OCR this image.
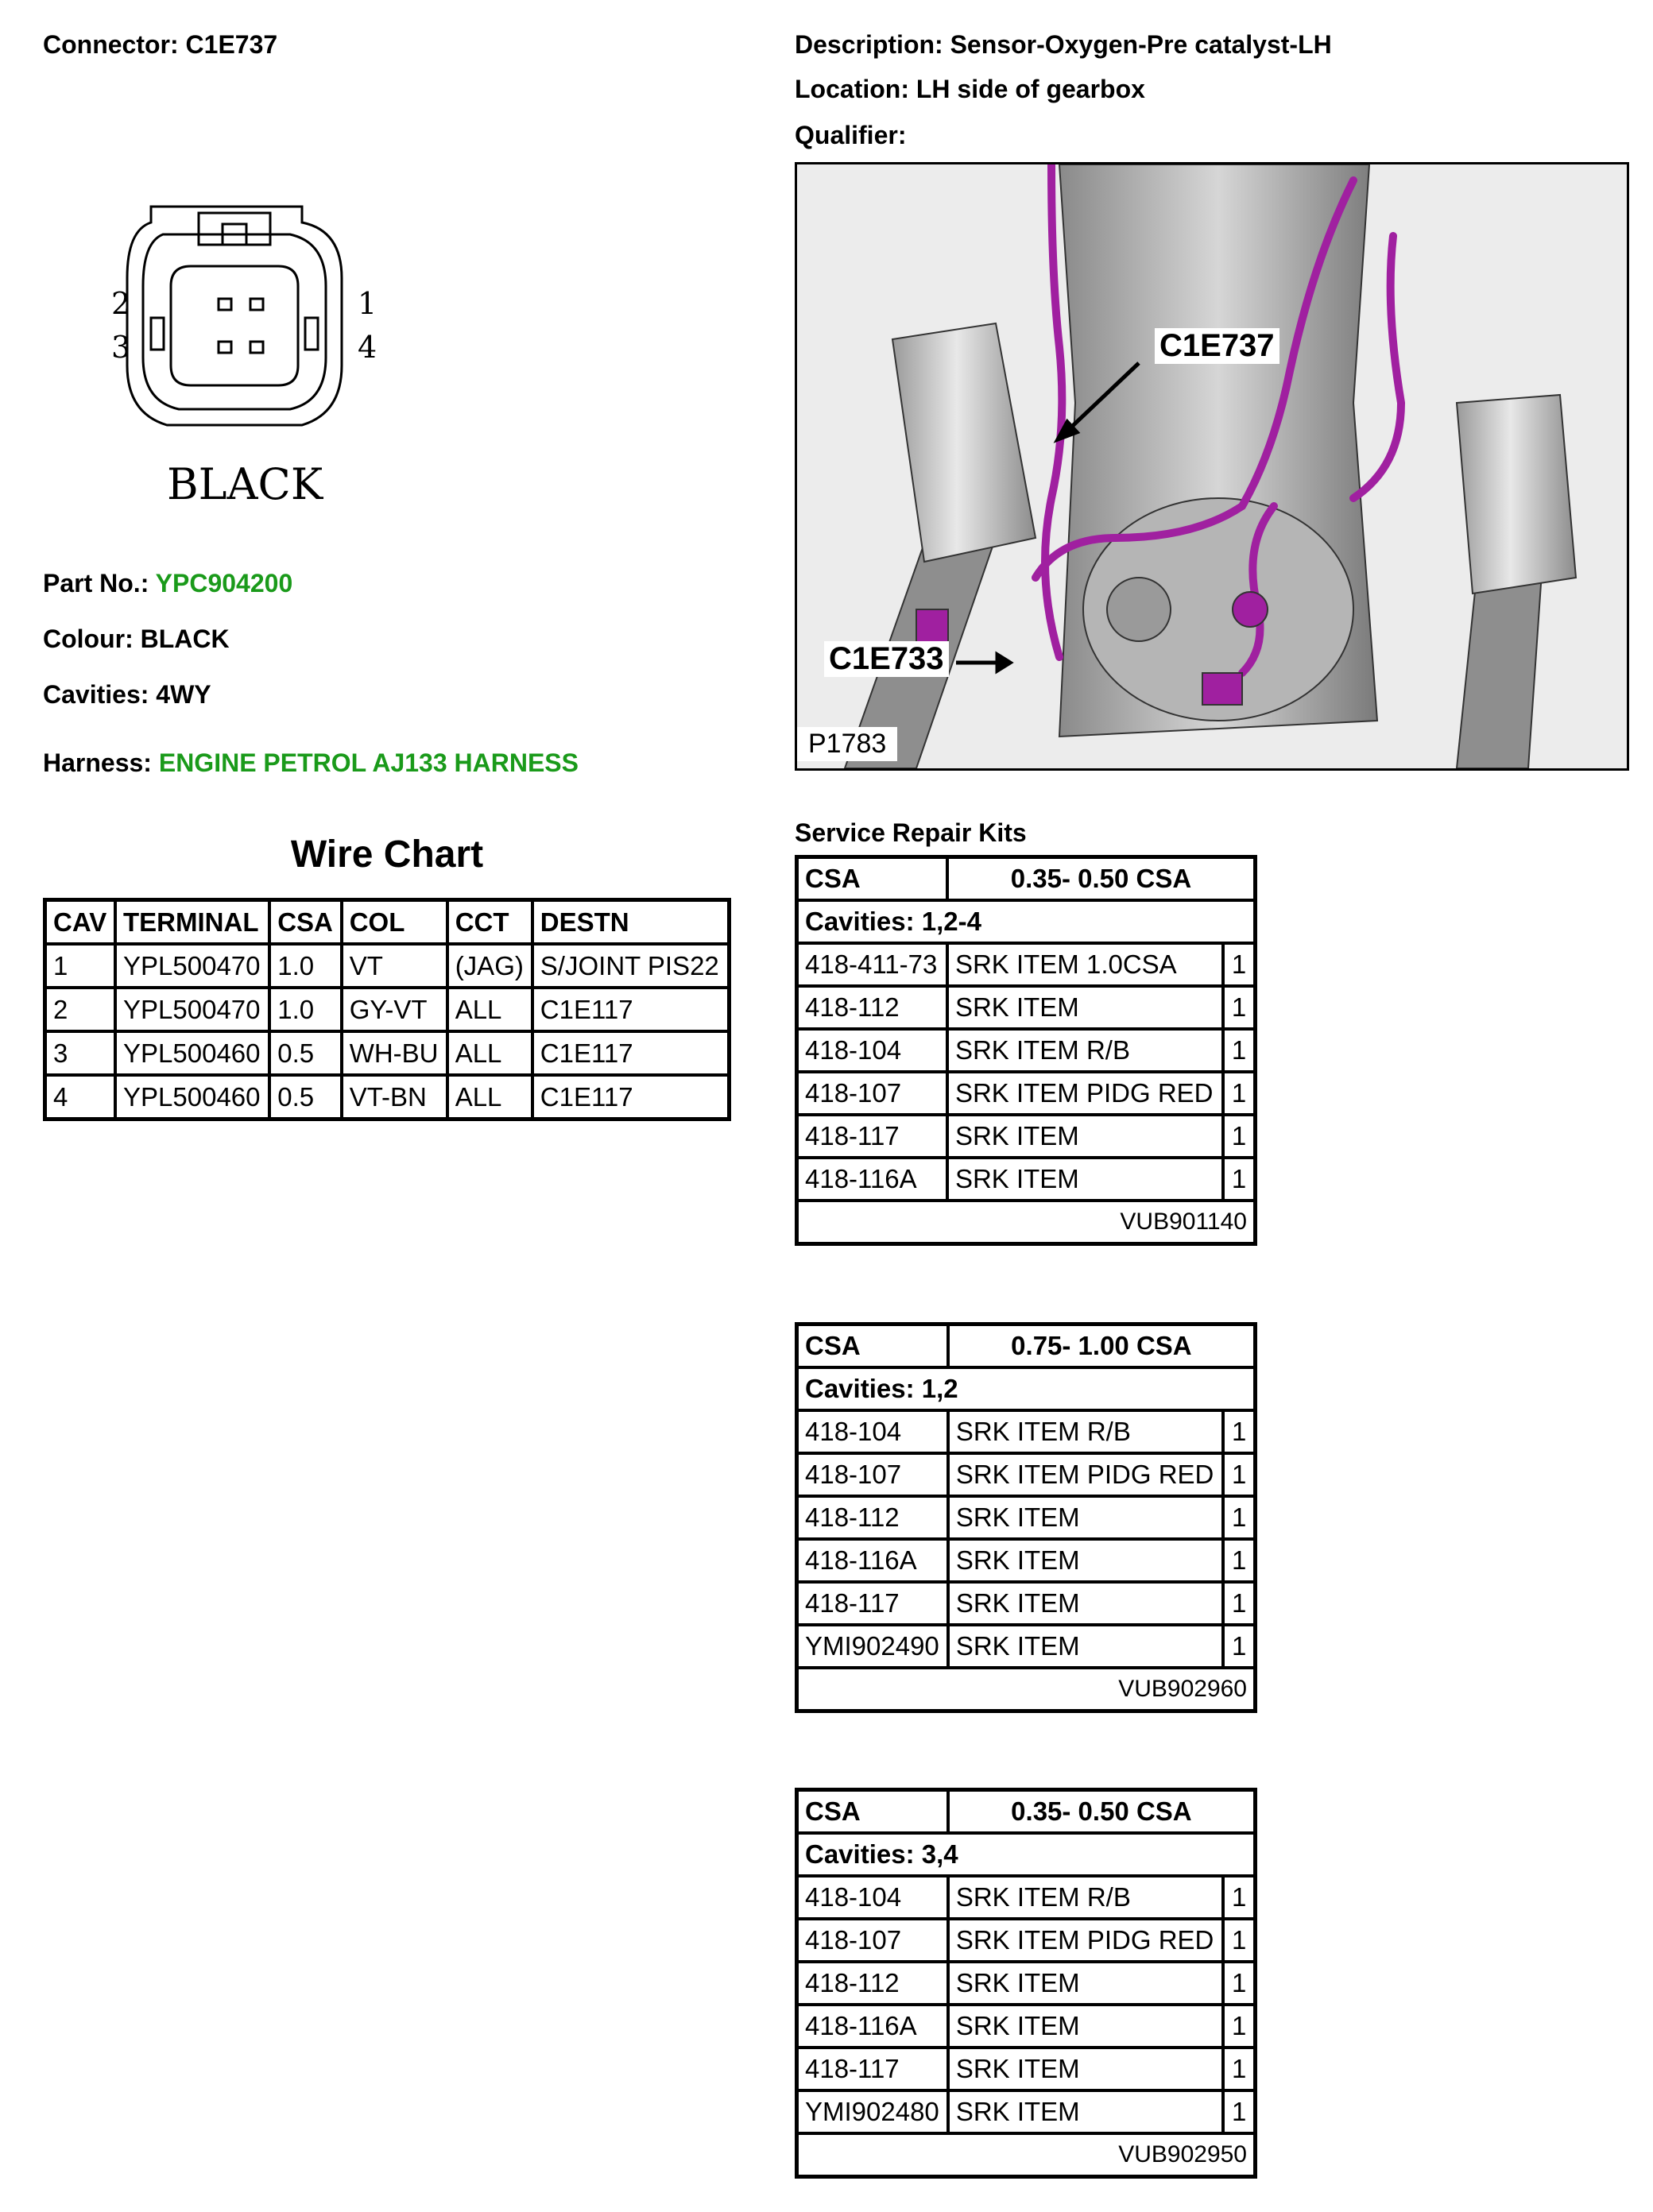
Connector: C1E737	Description: Sensor-Oxygen-Pre catalyst-LH
Location: LH side of gearbox
Qualifier:
2
3
1
4
BLACK
Part No.: YPC904200
Colour: BLACK
Cavities: 4WY
Harness: ENGINE PETROL AJ133 HARNESS
C1E737
C1E733
P1783
Wire Chart
CAV	TERMINAL	CSA	COL	CCT	DESTN
1	YPL500470	1.0	VT	(JAG)	S/JOINT PIS22
2	YPL500470	1.0	GY-VT	ALL	C1E117
3	YPL500460	0.5	WH-BU	ALL	C1E117
4	YPL500460	0.5	VT-BN	ALL	C1E117
Service Repair Kits
CSA	0.35- 0.50 CSA	
Cavities: 1,2-4		
418-411-73	SRK ITEM 1.0CSA	1
418-112	SRK ITEM	1
418-104	SRK ITEM R/B	1
418-107	SRK ITEM PIDG RED	1
418-117	SRK ITEM	1
418-116A	SRK ITEM	1
VUB901140		
CSA	0.75- 1.00 CSA	
Cavities: 1,2		
418-104	SRK ITEM R/B	1
418-107	SRK ITEM PIDG RED	1
418-112	SRK ITEM	1
418-116A	SRK ITEM	1
418-117	SRK ITEM	1
YMI902490	SRK ITEM	1
VUB902960		
CSA	0.35- 0.50 CSA	
Cavities: 3,4		
418-104	SRK ITEM R/B	1
418-107	SRK ITEM PIDG RED	1
418-112	SRK ITEM	1
418-116A	SRK ITEM	1
418-117	SRK ITEM	1
YMI902480	SRK ITEM	1
VUB902950		
